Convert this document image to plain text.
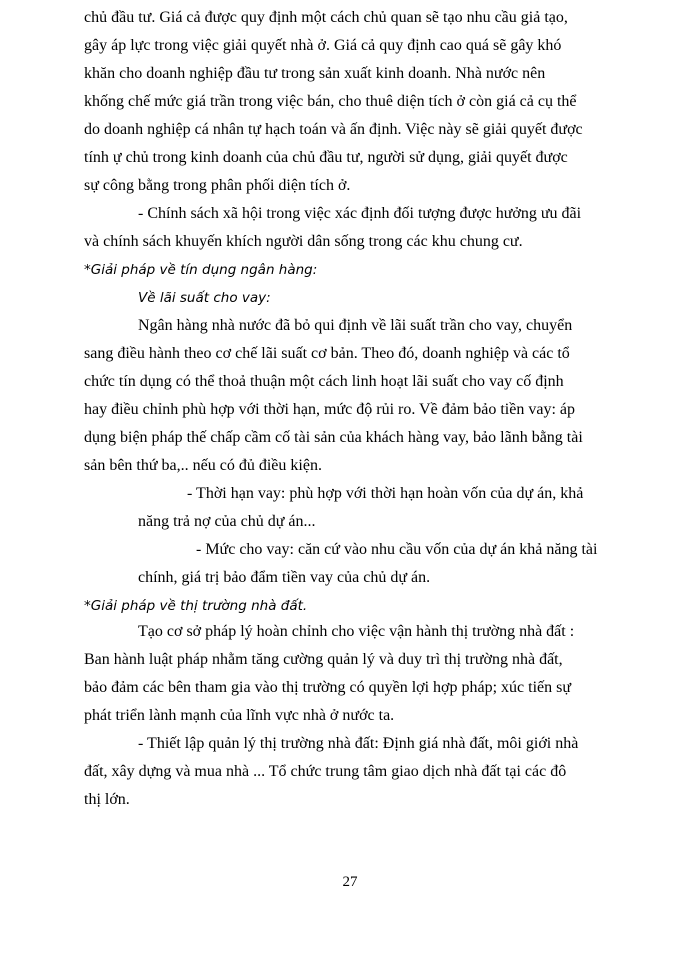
chủ đầu tư. Giá cả được quy định một cách chủ quan sẽ tạo nhu cầu giả tạo,
gây áp lực trong việc giải quyết nhà ở. Giá cả quy định cao quá sẽ gây khó
khăn cho doanh nghiệp đầu tư trong sản xuất kinh doanh. Nhà nước nên
khống chế mức giá trần trong việc bán, cho thuê diện tích ở còn giá cả cụ thể
do doanh nghiệp cá nhân tự hạch toán và ấn định. Việc này sẽ giải quyết được
tính ự chủ trong kinh doanh của chủ đầu tư, người sử dụng, giải quyết được
sự công bằng trong phân phối diện tích ở.
- Chính sách xã hội trong việc xác định đối tượng được hưởng ưu đãi
và chính sách khuyến khích người dân sống trong các khu chung cư.
*Giải pháp về tín dụng ngân hàng:
Về lãi suất cho vay:
Ngân hàng nhà nước đã bỏ qui định về lãi suất trần cho vay, chuyển
sang điều hành theo cơ chế lãi suất cơ bản. Theo đó, doanh nghiệp và các tổ
chức tín dụng có thể thoả thuận một cách linh hoạt lãi suất cho vay cố định
hay điều chỉnh phù hợp với thời hạn, mức độ rủi ro. Về đảm bảo tiền vay: áp
dụng biện pháp thế chấp cầm cố tài sản của khách hàng vay, bảo lãnh bằng tài
sản bên thứ ba,.. nếu có đủ điều kiện.
- Thời hạn vay: phù hợp với thời hạn hoàn vốn của dự án, khả
năng trả nợ của chủ dự án...
- Mức cho vay: căn cứ vào nhu cầu vốn của dự án khả năng tài
chính, giá trị bảo đẩm tiền vay của chủ dự án.
*Giải pháp về thị trường nhà đất.
Tạo cơ sở pháp lý hoàn chỉnh cho việc vận hành thị trường nhà đất :
Ban hành luật pháp nhằm tăng cường quản lý và duy trì thị trường nhà đất,
bảo đảm các bên tham gia vào thị trường có quyền lợi hợp pháp; xúc tiến sự
phát triển lành mạnh của lĩnh vực nhà ở nước ta.
- Thiết lập quản lý thị trường nhà đất: Định giá nhà đất, môi giới nhà
đất, xây dựng và mua nhà ... Tổ chức trung tâm giao dịch nhà đất tại các đô
thị lớn.
27
